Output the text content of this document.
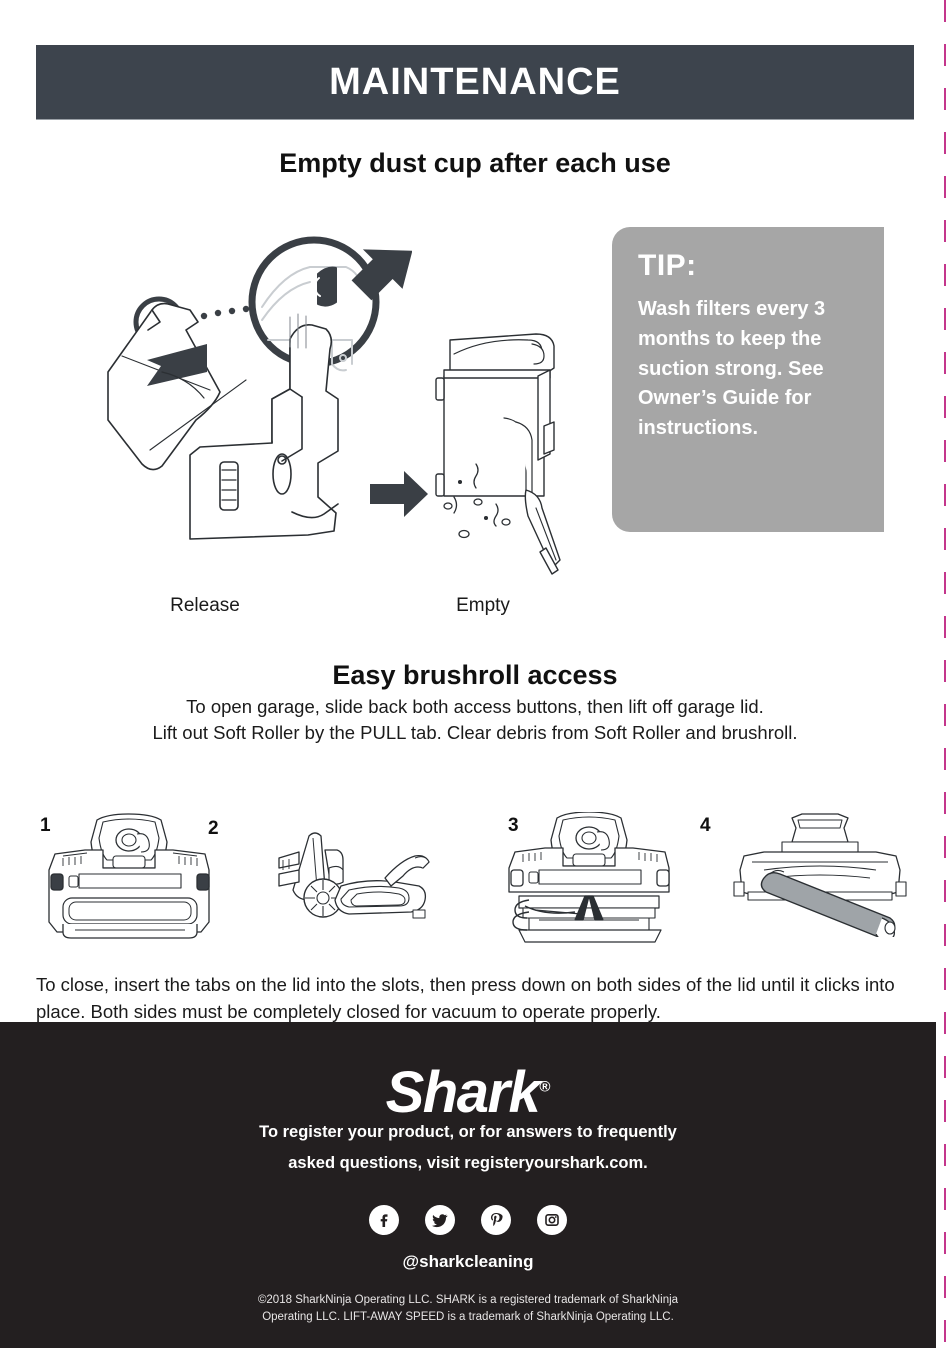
MAINTENANCE
Empty dust cup after each use

TIP:

Wash filters every 3 months to keep the suction strong. See Owner’s Guide for instructions.

Release	Empty
Easy brushroll access
To open garage, slide back both access buttons, then lift off garage lid.
Lift out Soft Roller by the PULL tab. Clear debris from Soft Roller and brushroll.
1	2	3	4
To close, insert the tabs on the lid into the slots, then press down on both sides of the lid until it clicks into place. Both sides must be completely closed for vacuum to operate properly.
Shark®
To register your product, or for answers to frequently
asked questions, visit registeryourshark.com.
@sharkcleaning
©2018 SharkNinja Operating LLC. SHARK is a registered trademark of SharkNinja
Operating LLC. LIFT-AWAY SPEED is a trademark of SharkNinja Operating LLC.
